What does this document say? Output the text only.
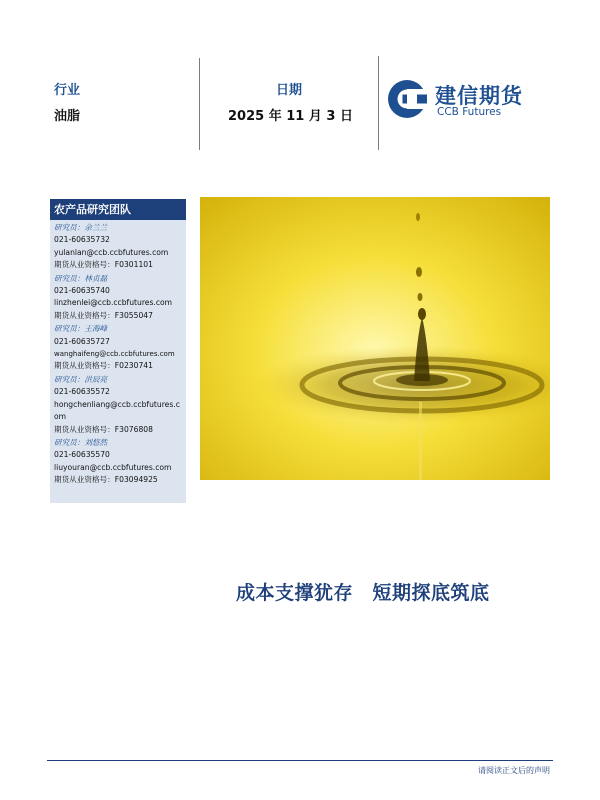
行业
油脂
日期
2025 年 11 月 3 日
建信期货
CCB Futures
农产品研究团队
研究员：余兰兰
021-60635732
yulanlan@ccb.ccbfutures.com
期货从业资格号：F0301101
研究员：林贞磊
021-60635740
linzhenlei@ccb.ccbfutures.com
期货从业资格号：F3055047
研究员：王海峰
021-60635727
wanghaifeng@ccb.ccbfutures.com
期货从业资格号：F0230741
研究员：洪辰亮
021-60635572
hongchenliang@ccb.ccbfutures.com
期货从业资格号：F3076808
研究员：刘悠然
021-60635570
liuyouran@ccb.ccbfutures.com
期货从业资格号：F03094925
成本支撑犹存　短期探底筑底
请阅读正文后的声明
